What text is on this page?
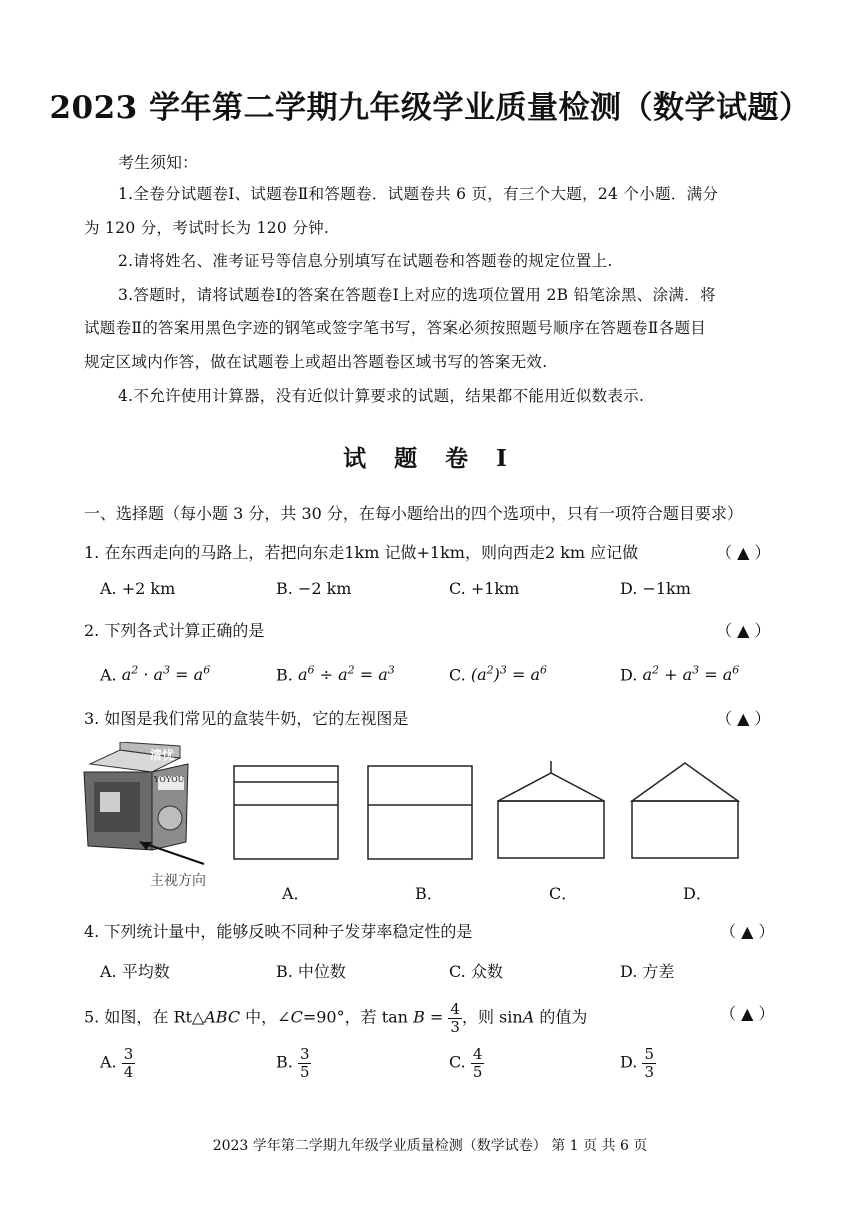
2023 学年第二学期九年级学业质量检测（数学试题）
考生须知：
1.全卷分试题卷Ⅰ、试题卷Ⅱ和答题卷．试题卷共 6 页，有三个大题，24 个小题．满分
为 120 分，考试时长为 120 分钟.
2.请将姓名、准考证号等信息分别填写在试题卷和答题卷的规定位置上.
3.答题时，请将试题卷Ⅰ的答案在答题卷Ⅰ上对应的选项位置用 2B 铅笔涂黑、涂满．将
试题卷Ⅱ的答案用黑色字迹的钢笔或签字笔书写，答案必须按照题号顺序在答题卷Ⅱ各题目
规定区域内作答，做在试题卷上或超出答题卷区域书写的答案无效.
4.不允许使用计算器，没有近似计算要求的试题，结果都不能用近似数表示.
试 题 卷 Ⅰ
一、选择题（每小题 3 分，共 30 分，在每小题给出的四个选项中，只有一项符合题目要求）
1. 在东西走向的马路上，若把向东走1km 记做+1km，则向西走2 km 应记做	（ ▲ ）
A. +2 km	B. −2 km	C. +1km	D. −1km
2. 下列各式计算正确的是	（ ▲ ）
A. $a^2 \cdot a^3 = a^6$	B. $a^6 \div a^2 = a^3$	C. $(a^2)^3 = a^6$	D. $a^2 + a^3 = a^6$
3. 如图是我们常见的盒装牛奶，它的左视图是	（ ▲ ）
清忧
YOYOU
主视方向
A．	B．	C．	D．
4. 下列统计量中，能够反映不同种子发芽率稳定性的是	（ ▲ ）
A. 平均数	B. 中位数	C. 众数	D. 方差
5. 如图，在 Rt△ABC 中，∠C=90°，若 $\tan B = \frac{4}{3}$ ，则 sinA 的值为	（ ▲ ）
A. $\frac{3}{4}$	B. $\frac{3}{5}$	C. $\frac{4}{5}$	D. $\frac{5}{3}$
2023 学年第二学期九年级学业质量检测（数学试卷） 第 1 页 共 6 页
